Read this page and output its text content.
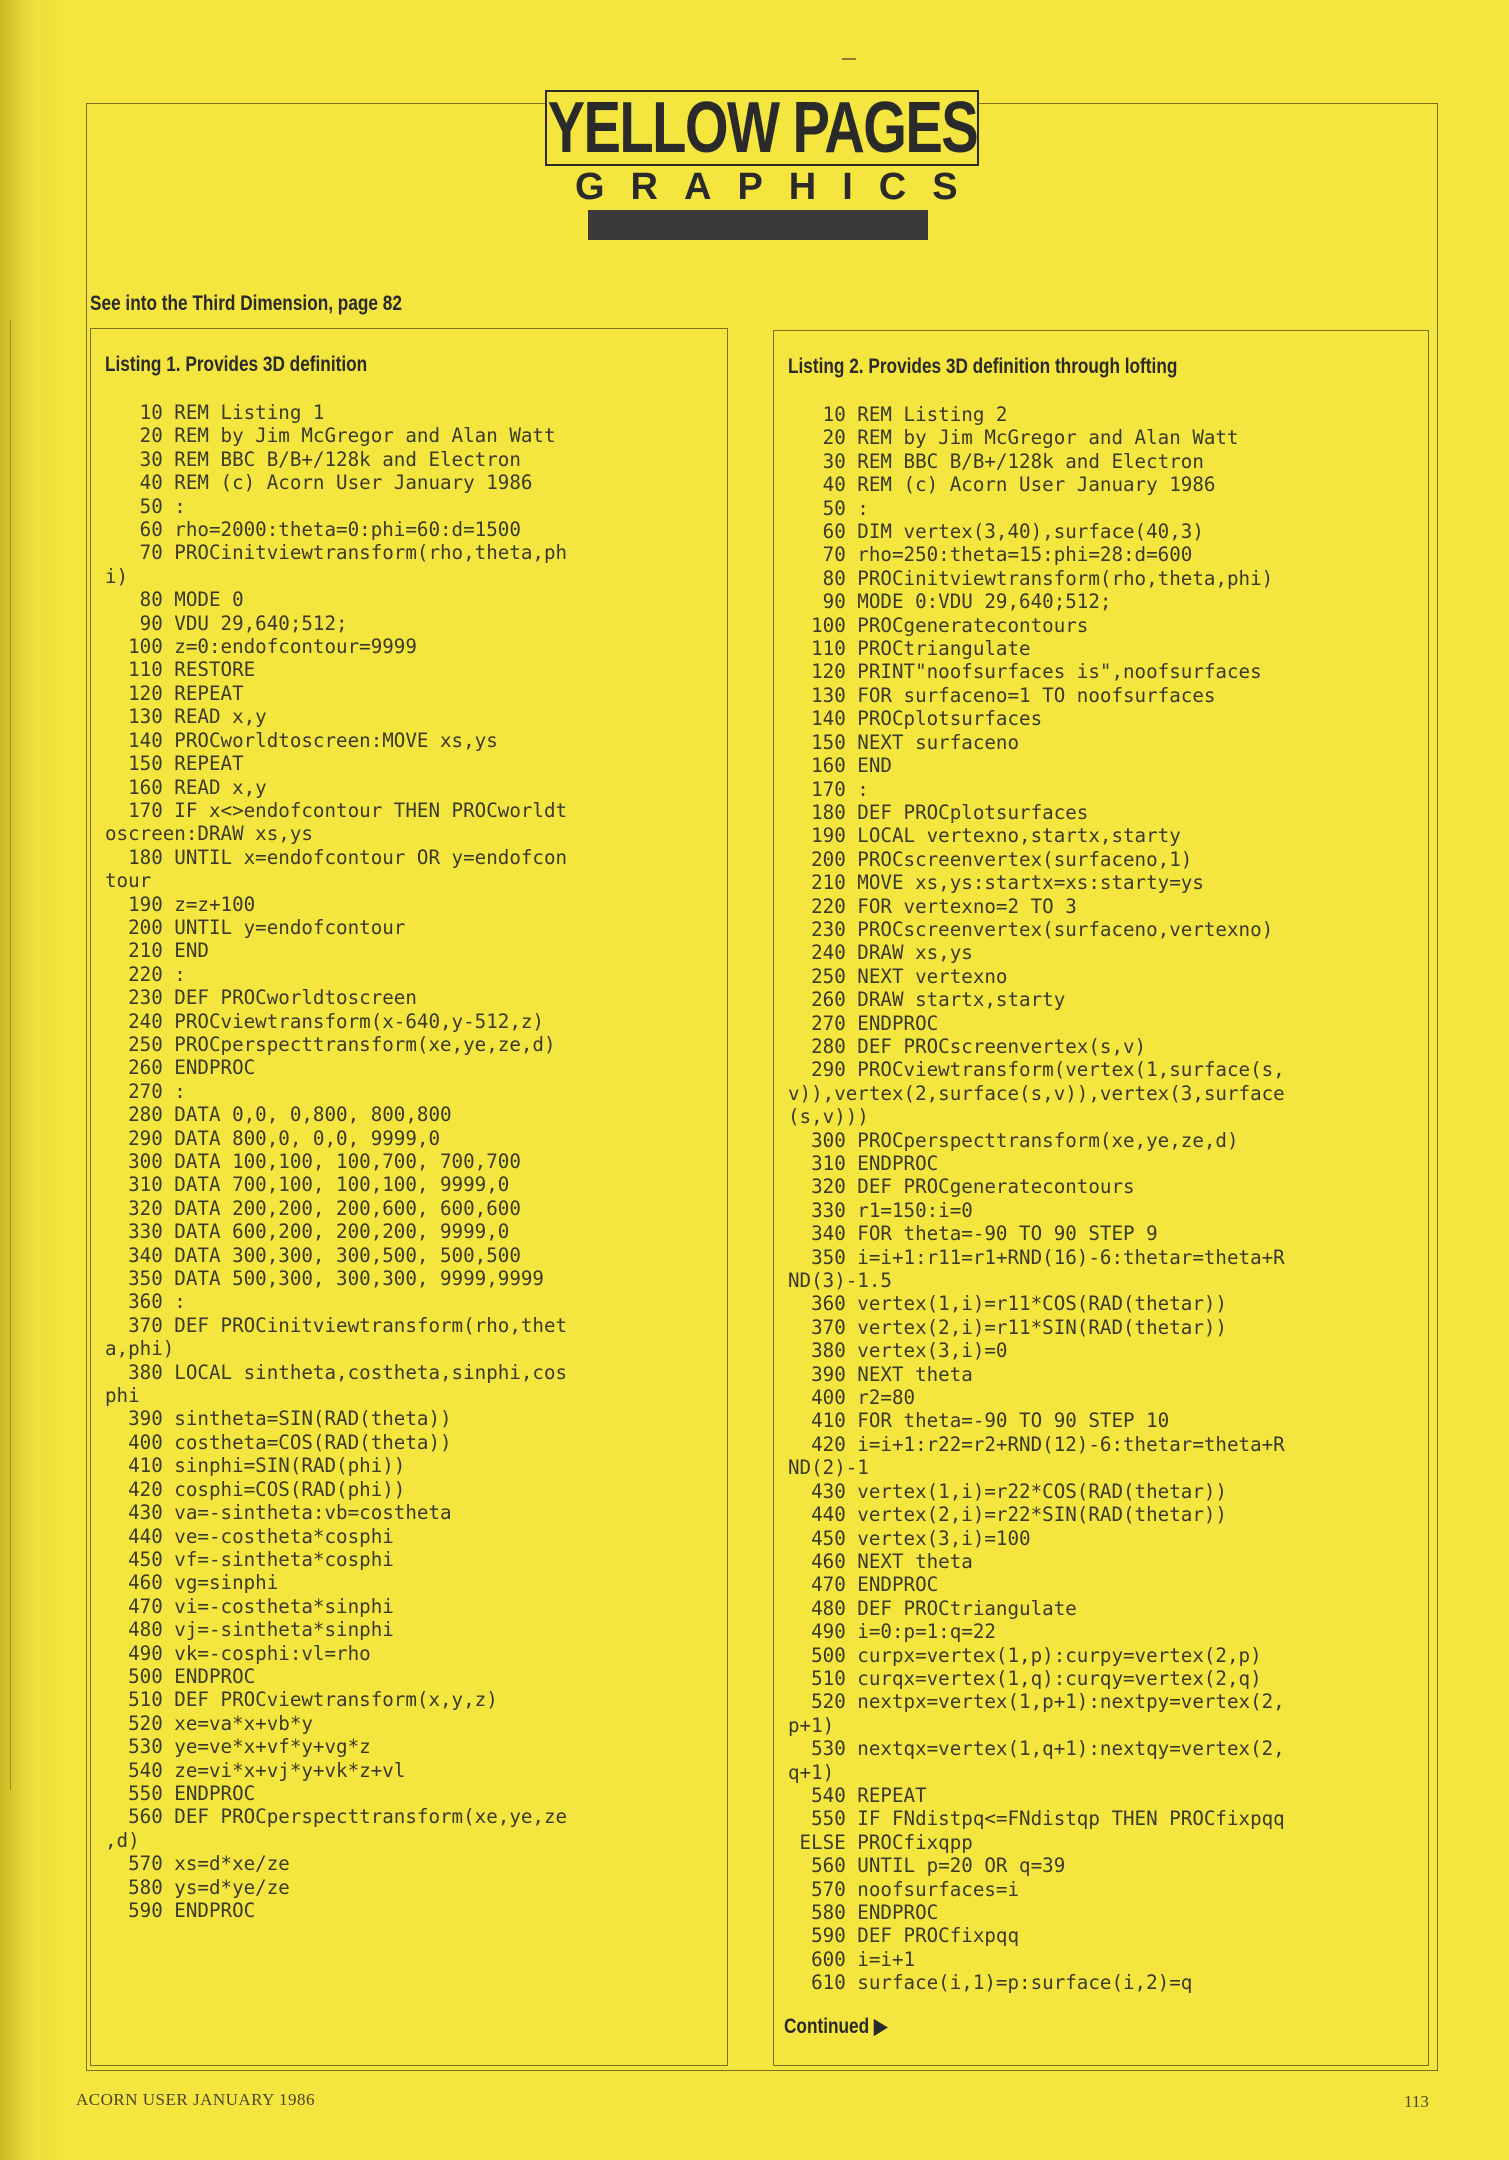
YELLOW PAGES
GRAPHICS
See into the Third Dimension, page 82
Listing 1. Provides 3D definition
10 REM Listing 1
20 REM by Jim McGregor and Alan Watt
30 REM BBC B/B+/128k and Electron
40 REM (c) Acorn User January 1986
50 :
60 rho=2000:theta=0:phi=60:d=1500
70 PROCinitviewtransform(rho,theta,ph
i)
80 MODE 0
90 VDU 29,640;512;
100 z=0:endofcontour=9999
110 RESTORE
120 REPEAT
130 READ x,y
140 PROCworldtoscreen:MOVE xs,ys
150 REPEAT
160 READ x,y
170 IF x<>endofcontour THEN PROCworldt
oscreen:DRAW xs,ys
180 UNTIL x=endofcontour OR y=endofcon
tour
190 z=z+100
200 UNTIL y=endofcontour
210 END
220 :
230 DEF PROCworldtoscreen
240 PROCviewtransform(x-640,y-512,z)
250 PROCperspecttransform(xe,ye,ze,d)
260 ENDPROC
270 :
280 DATA 0,0, 0,800, 800,800
290 DATA 800,0, 0,0, 9999,0
300 DATA 100,100, 100,700, 700,700
310 DATA 700,100, 100,100, 9999,0
320 DATA 200,200, 200,600, 600,600
330 DATA 600,200, 200,200, 9999,0
340 DATA 300,300, 300,500, 500,500
350 DATA 500,300, 300,300, 9999,9999
360 :
370 DEF PROCinitviewtransform(rho,thet
a,phi)
380 LOCAL sintheta,costheta,sinphi,cos
phi
390 sintheta=SIN(RAD(theta))
400 costheta=COS(RAD(theta))
410 sinphi=SIN(RAD(phi))
420 cosphi=COS(RAD(phi))
430 va=-sintheta:vb=costheta
440 ve=-costheta*cosphi
450 vf=-sintheta*cosphi
460 vg=sinphi
470 vi=-costheta*sinphi
480 vj=-sintheta*sinphi
490 vk=-cosphi:vl=rho
500 ENDPROC
510 DEF PROCviewtransform(x,y,z)
520 xe=va*x+vb*y
530 ye=ve*x+vf*y+vg*z
540 ze=vi*x+vj*y+vk*z+vl
550 ENDPROC
560 DEF PROCperspecttransform(xe,ye,ze
,d)
570 xs=d*xe/ze
580 ys=d*ye/ze
590 ENDPROC

Listing 2. Provides 3D definition through lofting
10 REM Listing 2
20 REM by Jim McGregor and Alan Watt
30 REM BBC B/B+/128k and Electron
40 REM (c) Acorn User January 1986
50 :
60 DIM vertex(3,40),surface(40,3)
70 rho=250:theta=15:phi=28:d=600
80 PROCinitviewtransform(rho,theta,phi)
90 MODE 0:VDU 29,640;512;
100 PROCgeneratecontours
110 PROCtriangulate
120 PRINT"noofsurfaces is",noofsurfaces
130 FOR surfaceno=1 TO noofsurfaces
140 PROCplotsurfaces
150 NEXT surfaceno
160 END
170 :
180 DEF PROCplotsurfaces
190 LOCAL vertexno,startx,starty
200 PROCscreenvertex(surfaceno,1)
210 MOVE xs,ys:startx=xs:starty=ys
220 FOR vertexno=2 TO 3
230 PROCscreenvertex(surfaceno,vertexno)
240 DRAW xs,ys
250 NEXT vertexno
260 DRAW startx,starty
270 ENDPROC
280 DEF PROCscreenvertex(s,v)
290 PROCviewtransform(vertex(1,surface(s,
v)),vertex(2,surface(s,v)),vertex(3,surface
(s,v)))
300 PROCperspecttransform(xe,ye,ze,d)
310 ENDPROC
320 DEF PROCgeneratecontours
330 r1=150:i=0
340 FOR theta=-90 TO 90 STEP 9
350 i=i+1:r11=r1+RND(16)-6:thetar=theta+R
ND(3)-1.5
360 vertex(1,i)=r11*COS(RAD(thetar))
370 vertex(2,i)=r11*SIN(RAD(thetar))
380 vertex(3,i)=0
390 NEXT theta
400 r2=80
410 FOR theta=-90 TO 90 STEP 10
420 i=i+1:r22=r2+RND(12)-6:thetar=theta+R
ND(2)-1
430 vertex(1,i)=r22*COS(RAD(thetar))
440 vertex(2,i)=r22*SIN(RAD(thetar))
450 vertex(3,i)=100
460 NEXT theta
470 ENDPROC
480 DEF PROCtriangulate
490 i=0:p=1:q=22
500 curpx=vertex(1,p):curpy=vertex(2,p)
510 curqx=vertex(1,q):curqy=vertex(2,q)
520 nextpx=vertex(1,p+1):nextpy=vertex(2,
p+1)
530 nextqx=vertex(1,q+1):nextqy=vertex(2,
q+1)
540 REPEAT
550 IF FNdistpq<=FNdistqp THEN PROCfixpqq
ELSE PROCfixqpp
560 UNTIL p=20 OR q=39
570 noofsurfaces=i
580 ENDPROC
590 DEF PROCfixpqq
600 i=i+1
610 surface(i,1)=p:surface(i,2)=q

Continued ▶
ACORN USER JANUARY 1986	113
